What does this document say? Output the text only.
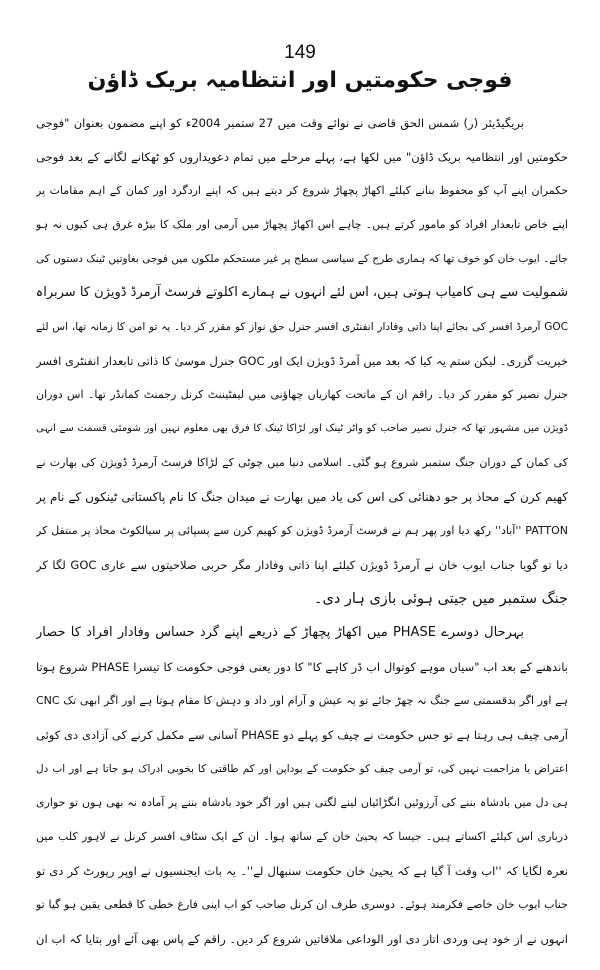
149
فوجی حکومتیں اور انتظامیہ بریک ڈاؤن
بریگیڈیئر (ر) شمس الحق قاضی نے نوائے وقت میں 27 ستمبر 2004ء کو اپنے مضمون بعنوان "فوجی
حکومتیں اور انتظامیہ بریک ڈاؤن" میں لکھا ہے، پہلے مرحلے میں تمام دعویداروں کو ٹھکانے لگانے کے بعد فوجی
حکمران اپنے آپ کو محفوظ بنانے کیلئے اکھاڑ پچھاڑ شروع کر دیتے ہیں کہ اپنے اردگرد اور کمان کے اہم مقامات پر
اپنے خاص تابعدار افراد کو مامور کرتے ہیں۔ چاہے اس اکھاڑ پچھاڑ میں آرمی اور ملک کا بیڑہ غرق ہی کیوں نہ ہو
جائے۔ ایوب خان کو خوف تھا کہ ہماری طرح کے سیاسی سطح پر غیر مستحکم ملکوں میں فوجی بغاوتیں ٹینک دستوں کی
شمولیت سے ہی کامیاب ہوتی ہیں، اس لئے انہوں نے ہمارے اکلوتے فرسٹ آرمرڈ ڈویژن کا سربراہ
GOC آرمرڈ افسر کی بجائے اپنا ذاتی وفادار انفنٹری افسر جنرل حق نواز کو مقرر کر دیا۔ یہ تو امن کا زمانہ تھا، اس لئے
خیریت گزری۔ لیکن ستم یہ کیا کہ بعد میں آمرڈ ڈویژن ایک اور GOC جنرل موسیٰ کا ذاتی تابعدار انفنٹری افسر
جنرل نصیر کو مقرر کر دیا۔ راقم ان کے ماتحت کھاریاں چھاؤنی میں لیفٹیننٹ کرنل رجمنٹ کمانڈر تھا۔ اس دوران
ڈویژن میں مشہور تھا کہ جنرل نصیر صاحب کو واٹر ٹینک اور لڑاکا ٹینک کا فرق بھی معلوم نہیں اور شومئی قسمت سے انہی
کی کمان کے دوران جنگ ستمبر شروع ہو گئی۔ اسلامی دنیا میں چوٹی کے لڑاکا فرسٹ آرمرڈ ڈویژن کی بھارت نے
کھیم کرن کے محاذ پر جو دھنائی کی اس کی یاد میں بھارت نے میدان جنگ کا نام پاکستانی ٹینکوں کے نام پر
PATTON ''آباد'' رکھ دیا اور پھر ہم نے فرسٹ آرمرڈ ڈویژن کو کھیم کرن سے پسپائی پر سیالکوٹ محاذ پر منتقل کر
دیا تو گویا جناب ایوب خان نے آرمرڈ ڈویژن کیلئے اپنا ذاتی وفادار مگر حربی صلاحیتوں سے عاری GOC لگا کر
جنگ ستمبر میں جیتی ہوئی بازی ہار دی۔
بہرحال دوسرے PHASE میں اکھاڑ پچھاڑ کے ذریعے اپنے گرد حساس وفادار افراد کا حصار
باندھنے کے بعد اب "سیاں موہے کوتوال اب ڈر کاہے کا" کا دور یعنی فوجی حکومت کا تیسرا PHASE شروع ہوتا
ہے اور اگر بدقسمتی سے جنگ نہ چھڑ جائے تو یہ عیش و آرام اور داد و دہش کا مقام ہوتا ہے اور اگر ابھی تک CNC
آرمی چیف ہی رہتا ہے تو جس حکومت نے چیف کو پہلے دو PHASE آسانی سے مکمل کرنے کی آزادی دی کوئی
اعتراض یا مزاحمت نہیں کی، تو آرمی چیف کو حکومت کے بوداپن اور کم طاقتی کا بخوبی ادراک ہو جاتا ہے اور اب دل
ہی دل میں بادشاہ بننے کی آرزوئیں انگڑائیاں لینے لگتی ہیں اور اگر خود بادشاہ بننے پر آمادہ نہ بھی ہوں تو حواری
درباری اس کیلئے اکساتے ہیں۔ جیسا کہ یحییٰ خان کے ساتھ ہوا۔ ان کے ایک سٹاف افسر کرنل نے لاہور کلب میں
نعرہ لگایا کہ ''اب وقت آ گیا ہے کہ یحییٰ خان حکومت سنبھال لے''۔ یہ بات ایجنسیوں نے اوپر رپورٹ کر دی تو
جناب ایوب خان خاصے فکرمند ہوئے۔ دوسری طرف ان کرنل صاحب کو اب اپنی فارغ خطی کا قطعی یقین ہو گیا تو
انہوں نے از خود ہی وردی اتار دی اور الوداعی ملاقاتیں شروع کر دیں۔ راقم کے پاس بھی آئے اور بتایا کہ اب ان
